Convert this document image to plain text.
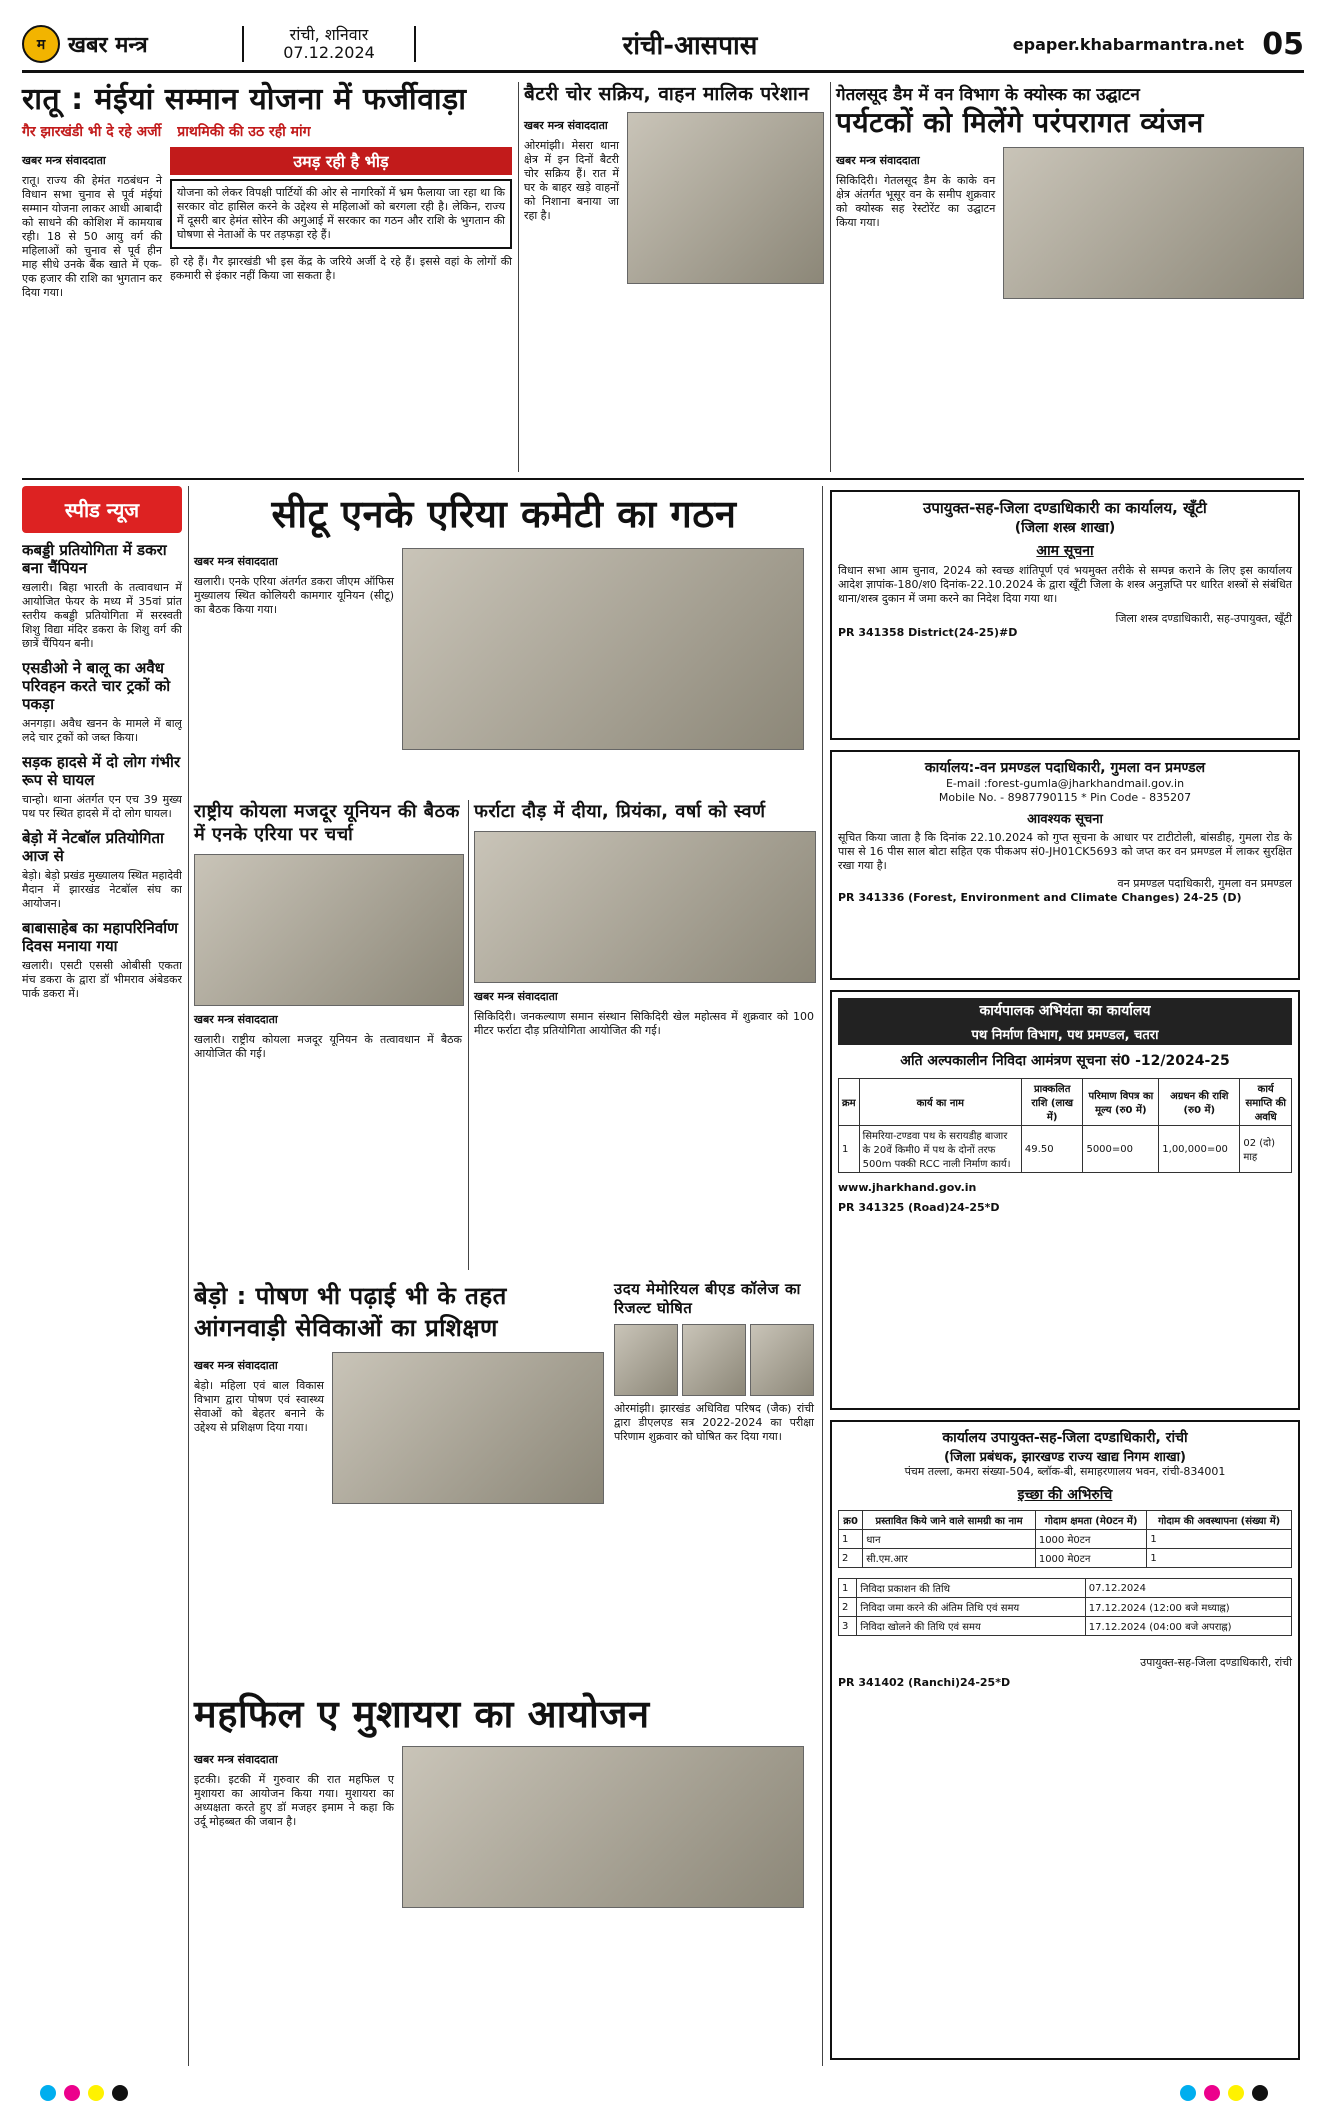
म	खबर मन्त्र	रांची, शनिवार
07.12.2024	रांची-आसपास	epaper.khabarmantra.net 05
रातू : मंईयां सम्मान योजना में फर्जीवाड़ा
गैर झारखंडी भी दे रहे अर्जी प्राथमिकी की उठ रही मांग
खबर मन्त्र संवाददाता
रातू। राज्य की हेमंत गठबंधन ने विधान सभा चुनाव से पूर्व मंईयां सम्मान योजना लाकर आधी आबादी को साधने की कोशिश में कामयाब रही। 18 से 50 आयु वर्ग की महिलाओं को चुनाव से पूर्व हीन माह सीधे उनके बैंक खाते में एक-एक हजार की राशि का भुगतान कर दिया गया।
उमड़ रही है भीड़
योजना को लेकर विपक्षी पार्टियों की ओर से नागरिकों में भ्रम फैलाया जा रहा था कि सरकार वोट हासिल करने के उद्देश्य से महिलाओं को बरगला रही है। लेकिन, राज्य में दूसरी बार हेमंत सोरेन की अगुआई में सरकार का गठन और राशि के भुगतान की घोषणा से नेताओं के पर तड़फड़ा रहे हैं।
हो रहे हैं। गैर झारखंडी भी इस केंद्र के जरिये अर्जी दे रहे हैं। इससे वहां के लोगों की हकमारी से इंकार नहीं किया जा सकता है।
बैटरी चोर सक्रिय, वाहन मालिक परेशान
खबर मन्त्र संवाददाता
ओरमांझी। मेसरा थाना क्षेत्र में इन दिनों बैटरी चोर सक्रिय हैं। रात में घर के बाहर खड़े वाहनों को निशाना बनाया जा रहा है।
गेतलसूद डैम में वन विभाग के क्योस्क का उद्घाटन
पर्यटकों को मिलेंगे परंपरागत व्यंजन
खबर मन्त्र संवाददाता
सिकिदिरी। गेतलसूद डैम के काके वन क्षेत्र अंतर्गत भूसूर वन के समीप शुक्रवार को क्योस्क सह रेस्टोरेंट का उद्घाटन किया गया।
स्पीड न्यूज
कबड्डी प्रतियोगिता में डकरा बना चैंपियन
खलारी। बिहा भारती के तत्वावधान में आयोजित फेयर के मध्य में 35वां प्रांत स्तरीय कबड्डी प्रतियोगिता में सरस्वती शिशु विद्या मंदिर डकरा के शिशु वर्ग की छात्रें चैंपियन बनी।
एसडीओ ने बालू का अवैध परिवहन करते चार ट्रकों को पकड़ा
अनगड़ा। अवैध खनन के मामले में बालू लदे चार ट्रकों को जब्त किया।
सड़क हादसे में दो लोग गंभीर रूप से घायल
चान्हो। थाना अंतर्गत एन एच 39 मुख्य पथ पर स्थित हादसे में दो लोग घायल।
बेड़ो में नेटबॉल प्रतियोगिता आज से
बेड़ो। बेड़ो प्रखंड मुख्यालय स्थित महादेवी मैदान में झारखंड नेटबॉल संघ का आयोजन।
बाबासाहेब का महापरिनिर्वाण दिवस मनाया गया
खलारी। एसटी एससी ओबीसी एकता मंच डकरा के द्वारा डॉ भीमराव अंबेडकर पार्क डकरा में।
सीटू एनके एरिया कमेटी का गठन
खबर मन्त्र संवाददाता
खलारी। एनके एरिया अंतर्गत डकरा जीएम ऑफिस मुख्यालय स्थित कोलियरी कामगार यूनियन (सीटू) का बैठक किया गया।
राष्ट्रीय कोयला मजदूर यूनियन की बैठक में एनके एरिया पर चर्चा
खबर मन्त्र संवाददाता
खलारी। राष्ट्रीय कोयला मजदूर यूनियन के तत्वावधान में बैठक आयोजित की गई।
फर्राटा दौड़ में दीया, प्रियंका, वर्षा को स्वर्ण
खबर मन्त्र संवाददाता
सिकिदिरी। जनकल्याण समान संस्थान सिकिदिरी खेल महोत्सव में शुक्रवार को 100 मीटर फर्राटा दौड़ प्रतियोगिता आयोजित की गई।
बेड़ो : पोषण भी पढ़ाई भी के तहत आंगनवाड़ी सेविकाओं का प्रशिक्षण
खबर मन्त्र संवाददाता
बेड़ो। महिला एवं बाल विकास विभाग द्वारा पोषण एवं स्वास्थ्य सेवाओं को बेहतर बनाने के उद्देश्य से प्रशिक्षण दिया गया।
उदय मेमोरियल बीएड कॉलेज का रिजल्ट घोषित
ओरमांझी। झारखंड अधिविद्य परिषद (जैक) रांची द्वारा डीएलएड सत्र 2022-2024 का परीक्षा परिणाम शुक्रवार को घोषित कर दिया गया।
महफिल ए मुशायरा का आयोजन
खबर मन्त्र संवाददाता
इटकी। इटकी में गुरुवार की रात महफिल ए मुशायरा का आयोजन किया गया। मुशायरा का अध्यक्षता करते हुए डॉ मजहर इमाम ने कहा कि उर्दू मोहब्बत की जबान है।
उपायुक्त-सह-जिला दण्डाधिकारी का कार्यालय, खूँटी
(जिला शस्त्र शाखा)
आम सूचना
विधान सभा आम चुनाव, 2024 को स्वच्छ शांतिपूर्ण एवं भयमुक्त तरीके से सम्पन्न कराने के लिए इस कार्यालय आदेश ज्ञापांक-180/श0 दिनांक-22.10.2024 के द्वारा खूँटी जिला के शस्त्र अनुज्ञप्ति पर धारित शस्त्रों से संबंधित थाना/शस्त्र दुकान में जमा करने का निदेश दिया गया था।
जिला शस्त्र दण्डाधिकारी, सह-उपायुक्त, खूँटी
PR 341358 District(24-25)#D
कार्यालय:-वन प्रमण्डल पदाधिकारी, गुमला वन प्रमण्डल
E-mail :forest-gumla@jharkhandmail.gov.in
Mobile No. - 8987790115 * Pin Code - 835207
आवश्यक सूचना
सूचित किया जाता है कि दिनांक 22.10.2024 को गुप्त सूचना के आधार पर टाटीटोली, बांसडीह, गुमला रोड के पास से 16 पीस साल बोटा सहित एक पीकअप सं0-JH01CK5693 को जप्त कर वन प्रमण्डल में लाकर सुरक्षित रखा गया है।
वन प्रमण्डल पदाधिकारी, गुमला वन प्रमण्डल
PR 341336 (Forest, Environment and Climate Changes) 24-25 (D)
कार्यपालक अभियंता का कार्यालय
पथ निर्माण विभाग, पथ प्रमण्डल, चतरा
अति अल्पकालीन निविदा आमंत्रण सूचना सं0 -12/2024-25
क्रम	कार्य का नाम	प्राक्कलित राशि (लाख में)	परिमाण विपत्र का मूल्य (रु0 में)	अग्रधन की राशि (रु0 में)	कार्य समाप्ति की अवधि
1	सिमरिया-टण्डवा पथ के सरायडीह बाजार के 20वें किमी0 में पथ के दोनों तरफ 500m पक्की RCC नाली निर्माण कार्य।	49.50	5000=00	1,00,000=00	02 (दो) माह
www.jharkhand.gov.in
PR 341325 (Road)24-25*D
कार्यालय उपायुक्त-सह-जिला दण्डाधिकारी, रांची
(जिला प्रबंधक, झारखण्ड राज्य खाद्य निगम शाखा)
पंचम तल्ला, कमरा संख्या-504, ब्लॉक-बी, समाहरणालय भवन, रांची-834001
इच्छा की अभिरुचि
क्र0	प्रस्तावित किये जाने वाले सामग्री का नाम	गोदाम क्षमता (मे0टन में)	गोदाम की अवस्थापना (संख्या में)
1	धान	1000 मे0टन	1
2	सी.एम.आर	1000 मे0टन	1
1	निविदा प्रकाशन की तिथि	07.12.2024
2	निविदा जमा करने की अंतिम तिथि एवं समय	17.12.2024 (12:00 बजे मध्याह्न)
3	निविदा खोलने की तिथि एवं समय	17.12.2024 (04:00 बजे अपराह्न)
उपायुक्त-सह-जिला दण्डाधिकारी, रांची
PR 341402 (Ranchi)24-25*D
